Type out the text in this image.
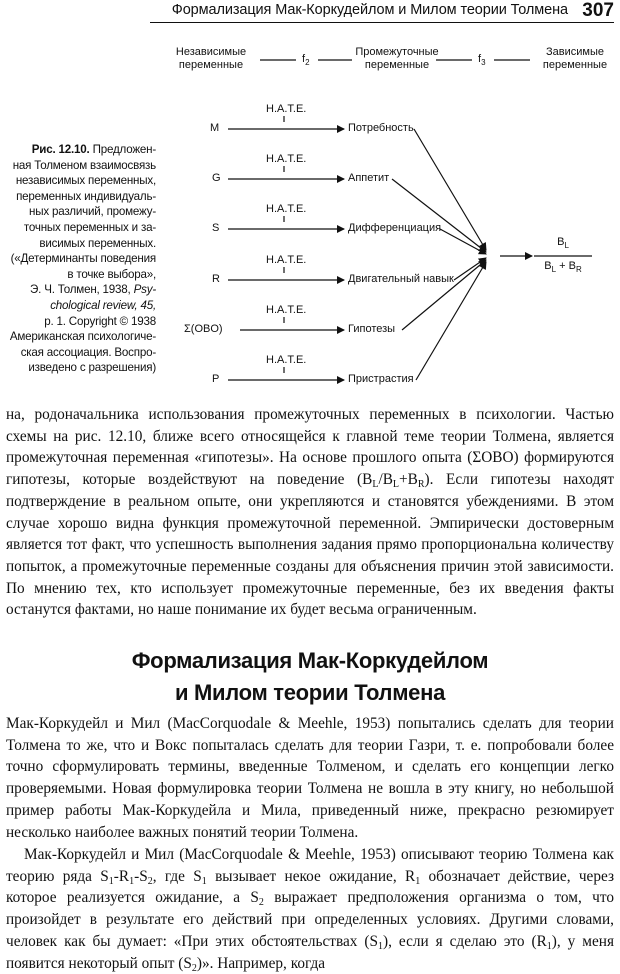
Формализация Мак-Коркудейлом и Милом теории Толмена 307
Рис. 12.10. Предложен-
ная Толменом взаимосвязь
независимых переменных,
переменных индивидуаль-
ных различий, промежу-
точных переменных и за-
висимых переменных.
(«Детерминанты поведения
в точке выбора»,
Э. Ч. Толмен, 1938, Psy-
chological review, 45,
p. 1. Copyright © 1938
Американская психологиче-
ская ассоциация. Воспро-
изведено с разрешения)
Независимые
переменные	$f_2$
Промежуточные
переменные	$f_3$
Зависимые
переменные
M
H.A.T.E.
Потребность
G
H.A.T.E.
Аппетит
S
H.A.T.E.
Дифференциация
R
H.A.T.E.
Двигательный навык
Σ(OBO)
H.A.T.E.
Гипотезы
P
H.A.T.E.
Пристрастия
$B_L$
$B_L + B_R$

на, родоначальника использования промежуточных переменных в психологии. Частью схемы на рис. 12.10, ближе всего относящейся к главной теме теории Толмена, является промежуточная переменная «гипотезы». На основе прошлого опыта (ΣOBO) формируются гипотезы, которые воздействуют на поведение $(B_L/B_L+B_R)$. Если гипотезы находят подтверждение в реальном опыте, они укрепляются и становятся убеждениями. В этом случае хорошо видна функция промежуточной переменной. Эмпирически достоверным является тот факт, что успешность выполнения задания прямо пропорциональна количеству попыток, а промежуточные переменные созданы для объяснения причин этой зависимости. По мнению тех, кто использует промежуточные переменные, без их введения факты останутся фактами, но наше понимание их будет весьма ограниченным.

Формализация Мак-Коркудейлом
и Милом теории Толмена

Мак-Коркудейл и Мил (MacCorquodale & Meehle, 1953) попытались сделать для теории Толмена то же, что и Вокс попыталась сделать для теории Газри, т. е. попробовали более точно сформулировать термины, введенные Толменом, и сделать его концепции легко проверяемыми. Новая формулировка теории Толмена не вошла в эту книгу, но небольшой пример работы Мак-Коркудейла и Мила, приведенный ниже, прекрасно резюмирует несколько наиболее важных понятий теории Толмена.

Мак-Коркудейл и Мил (MacCorquodale & Meehle, 1953) описывают теорию Толмена как теорию ряда $S_1-R_1-S_2$, где $S_1$ вызывает некое ожидание, $R_1$ обозначает действие, через которое реализуется ожидание, а $S_2$ выражает предположения организма о том, что произойдет в результате его действий при определенных условиях. Другими словами, человек как бы думает: «При этих обстоятельствах $(S_1)$, если я сделаю это $(R_1)$, у меня появится некоторый опыт $(S_2)$». Например, когда
